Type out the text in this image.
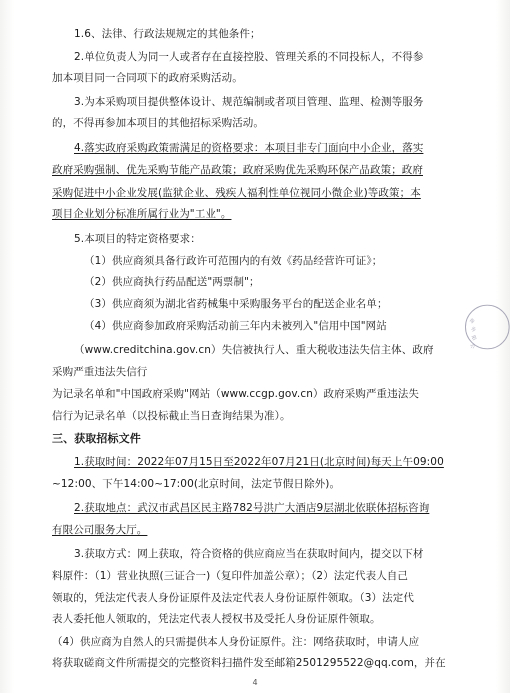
1.6、法律、行政法规规定的其他条件；
2.单位负责人为同一人或者存在直接控股、管理关系的不同投标人，不得参
加本项目同一合同项下的政府采购活动。
3.为本采购项目提供整体设计、规范编制或者项目管理、监理、检测等服务
的，不得再参加本项目的其他招标采购活动。
4.落实政府采购政策需满足的资格要求：本项目非专门面向中小企业，落实
政府采购强制、优先采购节能产品政策；政府采购优先采购环保产品政策；政府
采购促进中小企业发展(监狱企业、残疾人福利性单位视同小微企业)等政策；本
项目企业划分标准所属行业为"工业"。
5.本项目的特定资格要求：
（1）供应商须具备行政许可范围内的有效《药品经营许可证》；
（2）供应商执行药品配送"两票制"；
（3）供应商须为湖北省药械集中采购服务平台的配送企业名单；
（4）供应商参加政府采购活动前三年内未被列入"信用中国"网站
（www.creditchina.gov.cn）失信被执行人、重大税收违法失信主体、政府
采购严重违法失信行
为记录名单和"中国政府采购"网站（www.ccgp.gov.cn）政府采购严重违法失
信行为记录名单（以投标截止当日查询结果为准）。
三、获取招标文件
1.获取时间：2022年07月15日至2022年07月21日(北京时间)每天上午09:00
~12:00、下午14:00~17:00(北京时间，法定节假日除外)。
2.获取地点：武汉市武昌区民主路782号洪广大酒店9层湖北依联体招标咨询
有限公司服务大厅。
3.获取方式：网上获取，符合资格的供应商应当在获取时间内，提交以下材
料原件：（1）营业执照(三证合一)（复印件加盖公章）；（2）法定代表人自己
领取的，凭法定代表人身份证原件及法定代表人身份证原件领取。（3）法定代
表人委托他人领取的，凭法定代表人授权书及受托人身份证原件领取。
（4）供应商为自然人的只需提供本人身份证原件。注：网络获取时，申请人应
将获取磋商文件所需提交的完整资料扫描件发至邮箱2501295522@qq.com，并在
4
询
有
限
公
